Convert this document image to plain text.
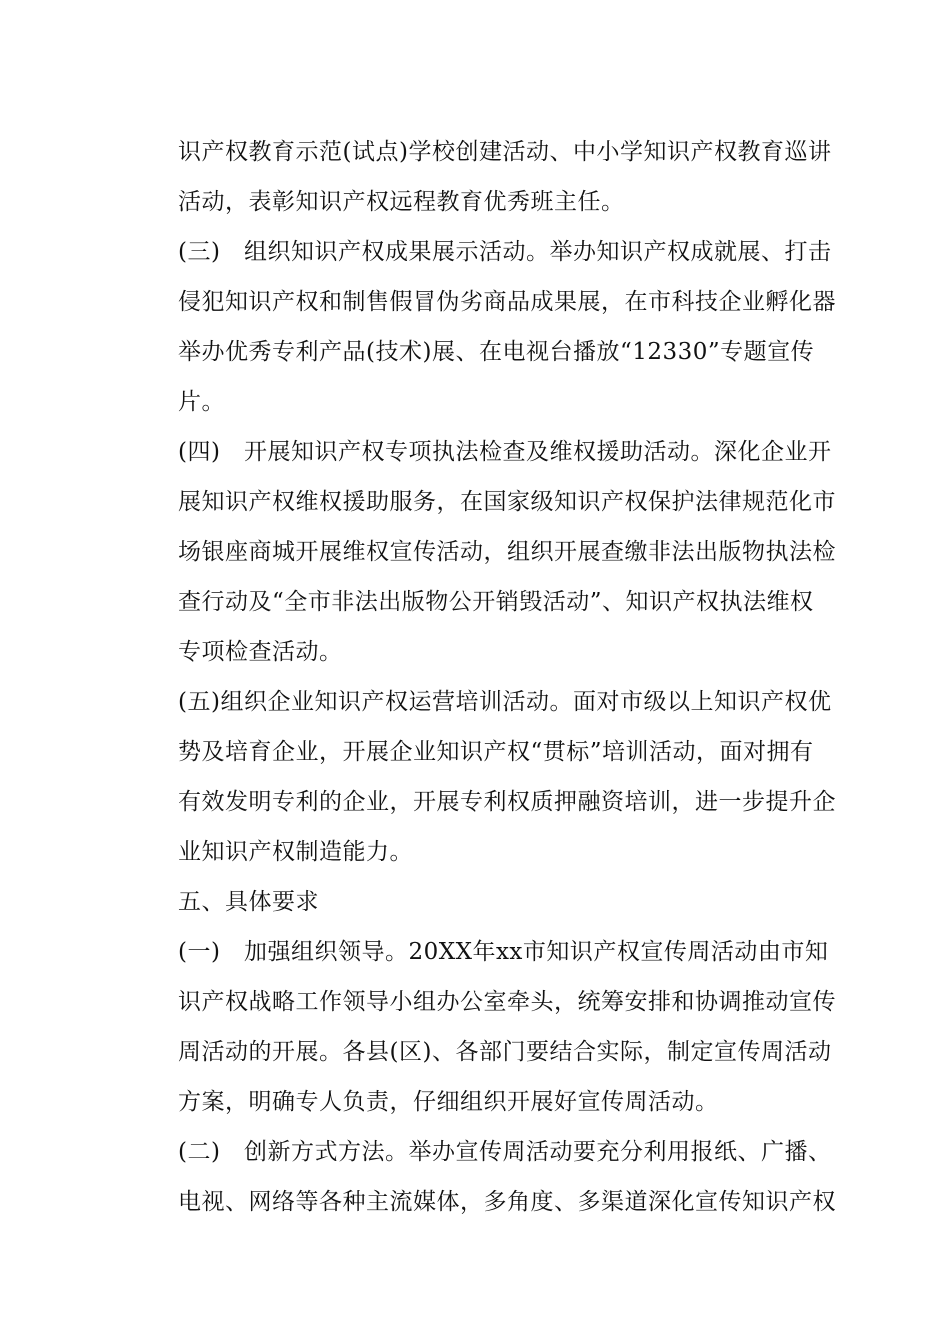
识产权教育示范(试点)学校创建活动、中小学知识产权教育巡讲
活动，表彰知识产权远程教育优秀班主任。
(三)　组织知识产权成果展示活动。举办知识产权成就展、打击
侵犯知识产权和制售假冒伪劣商品成果展，在市科技企业孵化器
举办优秀专利产品(技术)展、在电视台播放“12330”专题宣传
片。
(四)　开展知识产权专项执法检查及维权援助活动。深化企业开
展知识产权维权援助服务，在国家级知识产权保护法律规范化市
场银座商城开展维权宣传活动，组织开展查缴非法出版物执法检
查行动及“全市非法出版物公开销毁活动”、知识产权执法维权
专项检查活动。
(五)组织企业知识产权运营培训活动。面对市级以上知识产权优
势及培育企业，开展企业知识产权“贯标”培训活动，面对拥有
有效发明专利的企业，开展专利权质押融资培训，进一步提升企
业知识产权制造能力。
五、具体要求
(一)　加强组织领导。20XX年xx市知识产权宣传周活动由市知
识产权战略工作领导小组办公室牵头，统筹安排和协调推动宣传
周活动的开展。各县(区)、各部门要结合实际，制定宣传周活动
方案，明确专人负责，仔细组织开展好宣传周活动。
(二)　创新方式方法。举办宣传周活动要充分利用报纸、广播、
电视、网络等各种主流媒体，多角度、多渠道深化宣传知识产权
